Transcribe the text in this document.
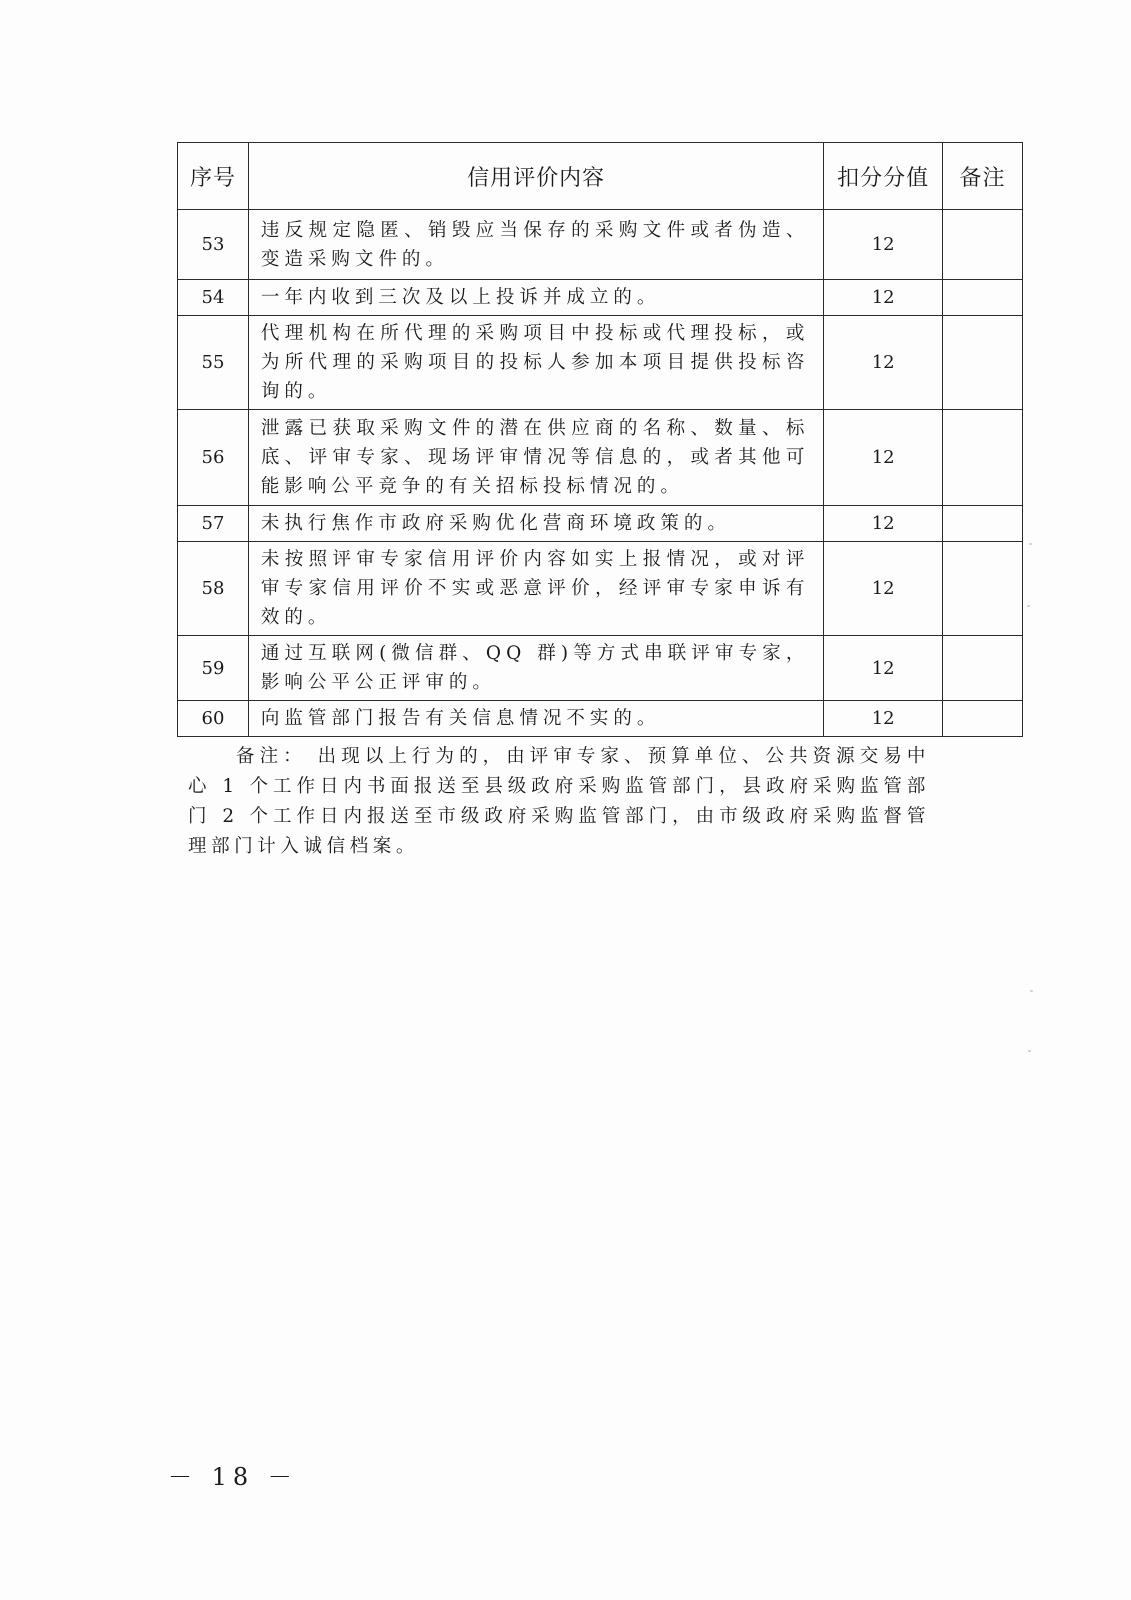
序号	信用评价内容	扣分分值	备注
53	违反规定隐匿、销毁应当保存的采购文件或者伪造、变造采购文件的。	12	
54	一年内收到三次及以上投诉并成立的。	12	
55	代理机构在所代理的采购项目中投标或代理投标，或为所代理的采购项目的投标人参加本项目提供投标咨询的。	12	
56	泄露已获取采购文件的潜在供应商的名称、数量、标底、评审专家、现场评审情况等信息的，或者其他可能影响公平竞争的有关招标投标情况的。	12	
57	未执行焦作市政府采购优化营商环境政策的。	12	
58	未按照评审专家信用评价内容如实上报情况，或对评审专家信用评价不实或恶意评价，经评审专家申诉有效的。	12	
59	通过互联网(微信群、QQ 群)等方式串联评审专家，影响公平公正评审的。	12	
60	向监管部门报告有关信息情况不实的。	12	

备注： 出现以上行为的，由评审专家、预算单位、公共资源交易中心 1 个工作日内书面报送至县级政府采购监管部门，县政府采购监管部门 2 个工作日内报送至市级政府采购监管部门，由市级政府采购监督管理部门计入诚信档案。

－ 18 －
